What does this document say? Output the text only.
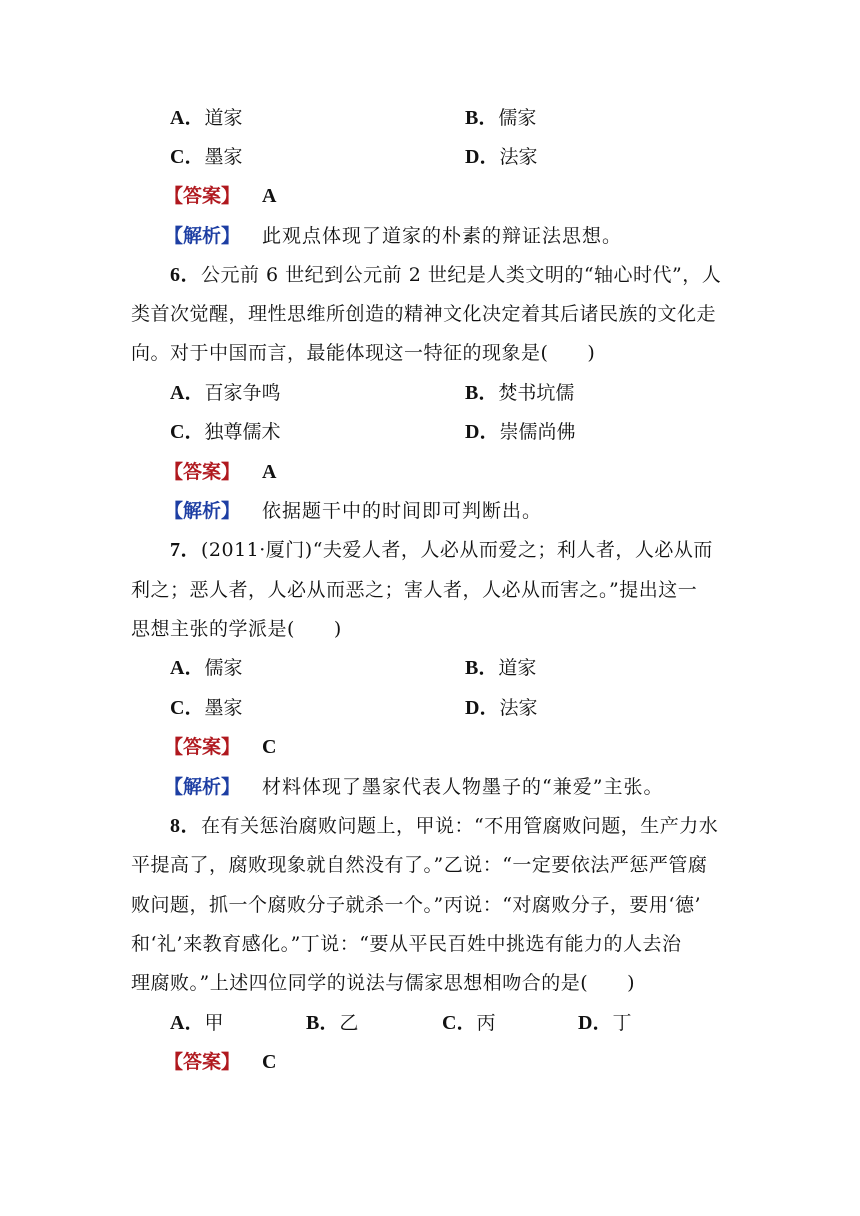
A．道家	B．儒家
C．墨家	D．法家
【答案】 A
【解析】 此观点体现了道家的朴素的辩证法思想。
6．公元前 6 世纪到公元前 2 世纪是人类文明的“轴心时代”，人
类首次觉醒，理性思维所创造的精神文化决定着其后诸民族的文化走
向。对于中国而言，最能体现这一特征的现象是(　　)
A．百家争鸣	B．焚书坑儒
C．独尊儒术	D．崇儒尚佛
【答案】 A
【解析】 依据题干中的时间即可判断出。
7．(2011·厦门)“夫爱人者，人必从而爱之；利人者，人必从而
利之；恶人者，人必从而恶之；害人者，人必从而害之。”提出这一
思想主张的学派是(　　)
A．儒家	B．道家
C．墨家	D．法家
【答案】 C
【解析】 材料体现了墨家代表人物墨子的“兼爱”主张。
8．在有关惩治腐败问题上，甲说：“不用管腐败问题，生产力水
平提高了，腐败现象就自然没有了。”乙说：“一定要依法严惩严管腐
败问题，抓一个腐败分子就杀一个。”丙说：“对腐败分子，要用‘德’
和‘礼’来教育感化。”丁说：“要从平民百姓中挑选有能力的人去治
理腐败。”上述四位同学的说法与儒家思想相吻合的是(　　)
A．甲	B．乙	C．丙	D．丁
【答案】 C
